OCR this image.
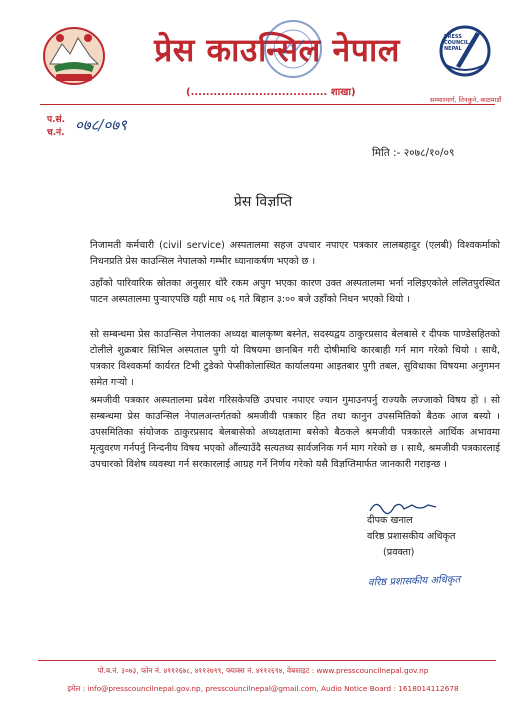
प्रेस काउन्सिल नेपाल
(.................................... शाखा)
PRESS COUNCIL NEPAL
सम्भारमार्ग, तिनकुने, काठमाडौं
प.सं.
च.नं. ०७८/०७९
मिति :- २०७८/१०/०९
प्रेस विज्ञप्ति
निजामती कर्मचारी (civil service) अस्पतालमा सहज उपचार नपाएर पत्रकार लालबहादुर (एलबी) विश्वकर्माको निधनप्रति प्रेस काउन्सिल नेपालको गम्भीर ध्यानाकर्षण भएको छ ।
उहाँको पारिवारिक स्रोतका अनुसार थोरै रकम अपुग भएका कारण उक्त अस्पतालमा भर्ना नलिइएकोले ललितपुरस्थित पाटन अस्पतालमा पुऱ्याएपछि यही माघ ०६ गते बिहान ३:०० बजे उहाँको निधन भएको थियो ।
सो सम्बन्धमा प्रेस काउन्सिल नेपालका अध्यक्ष बालकृष्ण बस्नेत, सदस्यद्वय ठाकुरप्रसाद बेलबासे र दीपक पाण्डेसहितको टोलीले शुक्रबार सिभिल अस्पताल पुगी यो विषयमा छानबिन गरी दोषीमाथि कारबाही गर्न माग गरेको थियो । साथै, पत्रकार विश्वकर्मा कार्यरत टिभी टुडेको पेप्सीकोलास्थित कार्यालयमा आइतबार पुगी तबल, सुविधाका विषयमा अनुगमन समेत गऱ्यो ।
श्रमजीवी पत्रकार अस्पतालमा प्रवेश गरिसकेपछि उपचार नपाएर ज्यान गुमाउनपर्नु राज्यकै लज्जाको विषय हो । सो सम्बन्धमा प्रेस काउन्सिल नेपालअन्तर्गतको श्रमजीवी पत्रकार हित तथा कानुन उपसमितिको बैठक आज बस्यो । उपसमितिका संयोजक ठाकुरप्रसाद बेलबासेको अध्यक्षतामा बसेको बैठकले श्रमजीवी पत्रकारले आर्थिक अभावमा मृत्युवरण गर्नपर्नु निन्दनीय विषय भएको औंल्याउँदै सत्यतथ्य सार्वजनिक गर्न माग गरेको छ । साथै, श्रमजीवी पत्रकारलाई उपचारको विशेष व्यवस्था गर्न सरकारलाई आग्रह गर्ने निर्णय गरेको यसै विज्ञप्तिमार्फत जानकारी गराइन्छ ।
दीपक खनाल
वरिष्ठ प्रशासकीय अधिकृत
(प्रवक्ता)
वरिष्ठ प्रशासकीय अधिकृत
पो.ब.नं. ३०७३, फोन नं. ४११२६७८, ४११२७९९, फ्याक्स नं. ४११२६९४, वेबसाइट : www.presscouncilnepal.gov.np
इमेल : info@presscouncilnepal.gov.np, presscouncilnepal@gmail.com, Audio Notice Board : 1618014112678
